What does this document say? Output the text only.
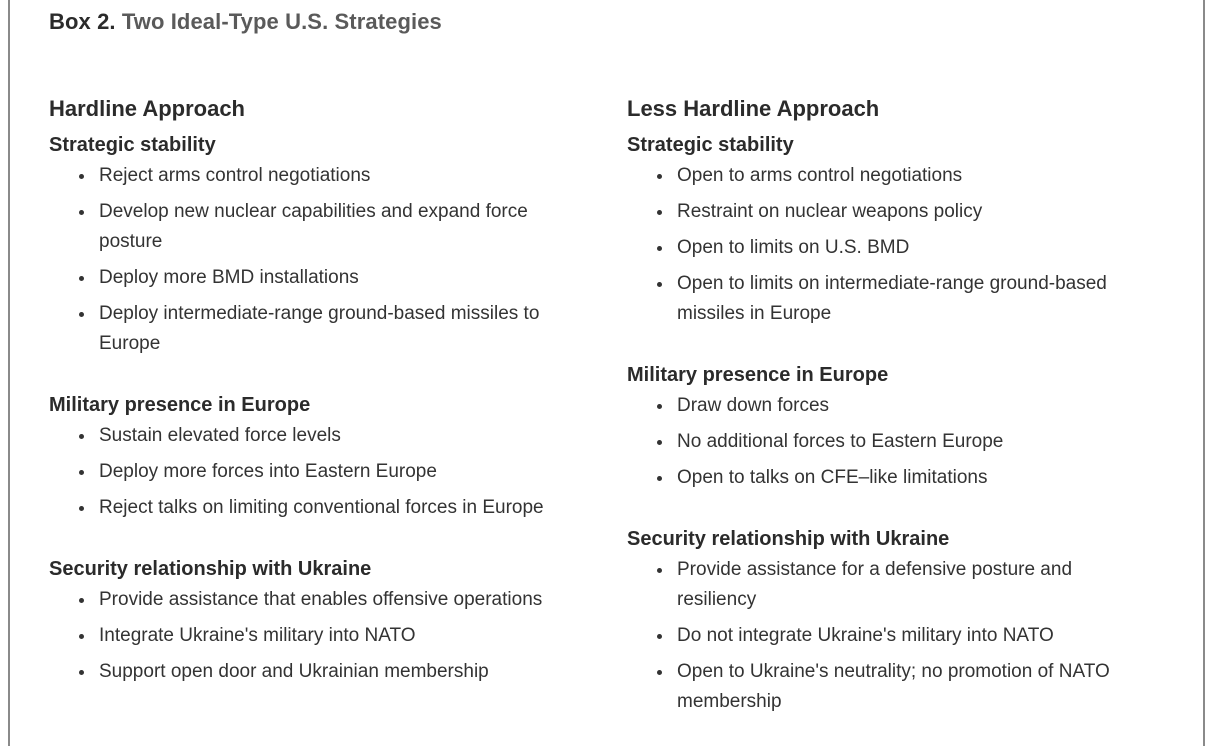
Box 2. Two Ideal-Type U.S. Strategies
Hardline Approach
Strategic stability
Reject arms control negotiations
Develop new nuclear capabilities and expand force posture
Deploy more BMD installations
Deploy intermediate-range ground-based missiles to Europe
Military presence in Europe
Sustain elevated force levels
Deploy more forces into Eastern Europe
Reject talks on limiting conventional forces in Europe
Security relationship with Ukraine
Provide assistance that enables offensive operations
Integrate Ukraine's military into NATO
Support open door and Ukrainian membership
Less Hardline Approach
Strategic stability
Open to arms control negotiations
Restraint on nuclear weapons policy
Open to limits on U.S. BMD
Open to limits on intermediate-range ground-based missiles in Europe
Military presence in Europe
Draw down forces
No additional forces to Eastern Europe
Open to talks on CFE–like limitations
Security relationship with Ukraine
Provide assistance for a defensive posture and resiliency
Do not integrate Ukraine's military into NATO
Open to Ukraine's neutrality; no promotion of NATO membership
